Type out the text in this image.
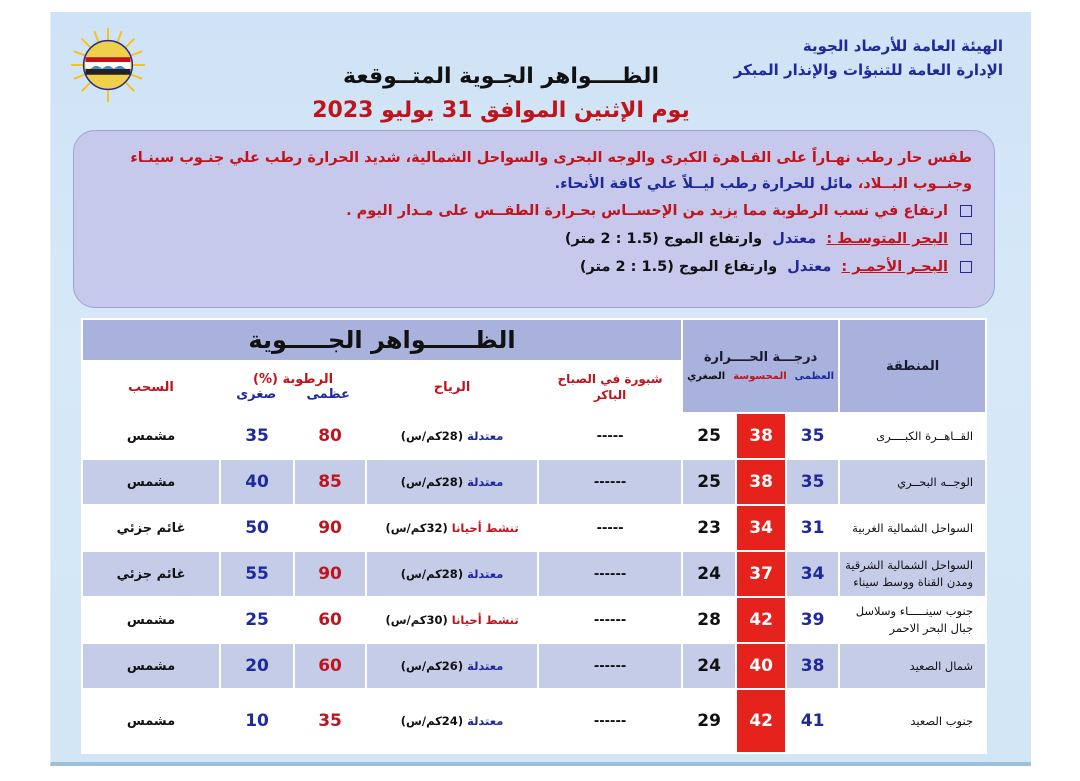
الهيئة العامة للأرصاد الجوية
الإدارة العامة للتنبؤات والإنذار المبكر
الظــــواهر الجـوية المتــوقعة
يوم الإثنين الموافق 31 يوليو 2023
طقس حار رطب نهـاراً على القـاهرة الكبرى والوجه البحرى والسواحل الشمالية، شديد الحرارة رطب علي جنـوب سينـاء وجنــوب البــلاد، مائل للحرارة رطب ليــلاً علي كافة الأنحاء.
ارتفاع في نسب الرطوبة مما يزيد من الإحســاس بحـرارة الطقــس على مـدار اليوم .
البحر المتوسـط :

معتدل

وارتفاع الموج (1.5 : 2 متر)
البحـر الأحمـر :

معتدل

وارتفاع الموج (1.5 : 2 متر)
المنطقة	درجـــة الحــــرارة
العظمى
المحسوسة
الصغري			الظــــــواهر الجـــــوية				
				شبورة في الصباح الباكر	الرياح	الرطوبة (%)
عظمى
صغرى		السحب

القــاهــرة الكبــــرى	35	38	25	-----	معتدلة (28كم/س)	80	35	مشمس

الوجــه البحــري	35	38	25	------	معتدلة (28كم/س)	85	40	مشمس

السواحل الشمالية الغربية	31	34	23	-----	تنشط أحيانا (32كم/س)	90	50	غائم جزئي

السواحل الشمالية الشرقية
ومدن القناة ووسط سيناء	34	37	24	------	معتدلة (28كم/س)	90	55	غائم جزئي

جنوب سينـــــاء وسلاسل
جبال البحر الاحمر	39	42	28	------	تنشط أحيانا (30كم/س)	60	25	مشمس

شمال الصعيد	38	40	24	------	معتدلة (26كم/س)	60	20	مشمس

جنوب الصعيد	41	42	29	------	معتدلة (24كم/س)	35	10	مشمس
